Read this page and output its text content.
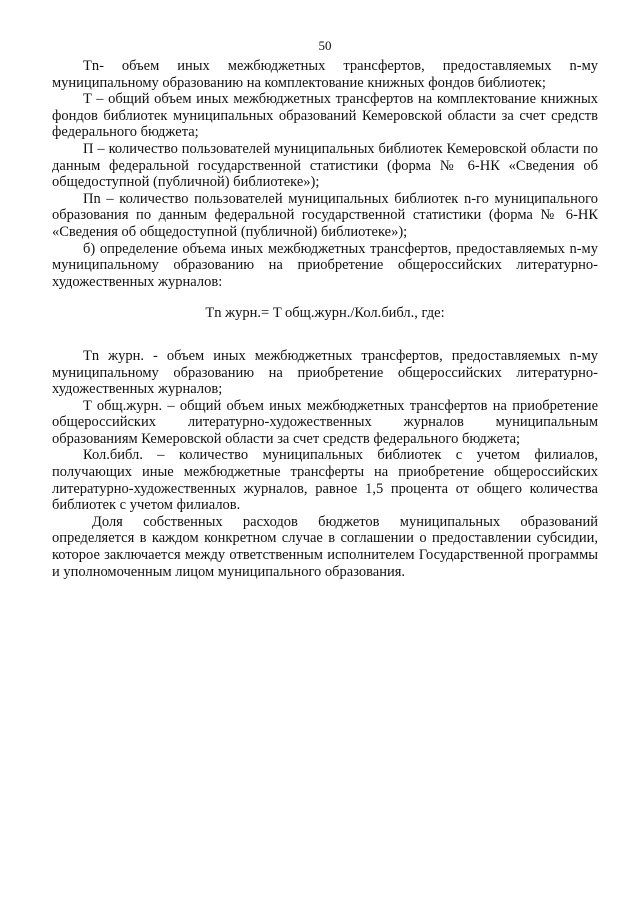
50

Tn- объем иных межбюджетных трансфертов, предоставляемых n-му муниципальному образованию на комплектование книжных фондов библиотек;

T – общий объем иных межбюджетных трансфертов на комплектование книжных фондов библиотек муниципальных образований Кемеровской области за счет средств федерального бюджета;

П – количество пользователей муниципальных библиотек Кемеровской области по данным федеральной государственной статистики (форма № 6-НК «Сведения об общедоступной (публичной) библиотеке»);

Пn – количество пользователей муниципальных библиотек n-го муниципального образования по данным федеральной государственной статистики (форма № 6-НК «Сведения об общедоступной (публичной) библиотеке»);

б) определение объема иных межбюджетных трансфертов, предоставляемых n-му муниципальному образованию на приобретение общероссийских литературно-художественных журналов:

Tn журн.= T общ.журн./Кол.библ., где:

Tn журн. - объем иных межбюджетных трансфертов, предоставляемых n-му муниципальному образованию на приобретение общероссийских литературно-художественных журналов;

T общ.журн. – общий объем иных межбюджетных трансфертов на приобретение общероссийских литературно-художественных журналов муниципальным образованиям Кемеровской области за счет средств федерального бюджета;

Кол.библ. – количество муниципальных библиотек с учетом филиалов, получающих иные межбюджетные трансферты на приобретение общероссийских литературно-художественных журналов, равное 1,5 процента от общего количества библиотек с учетом филиалов.

Доля собственных расходов бюджетов муниципальных образований определяется в каждом конкретном случае в соглашении о предоставлении субсидии, которое заключается между ответственным исполнителем Государственной программы и уполномоченным лицом муниципального образования.
